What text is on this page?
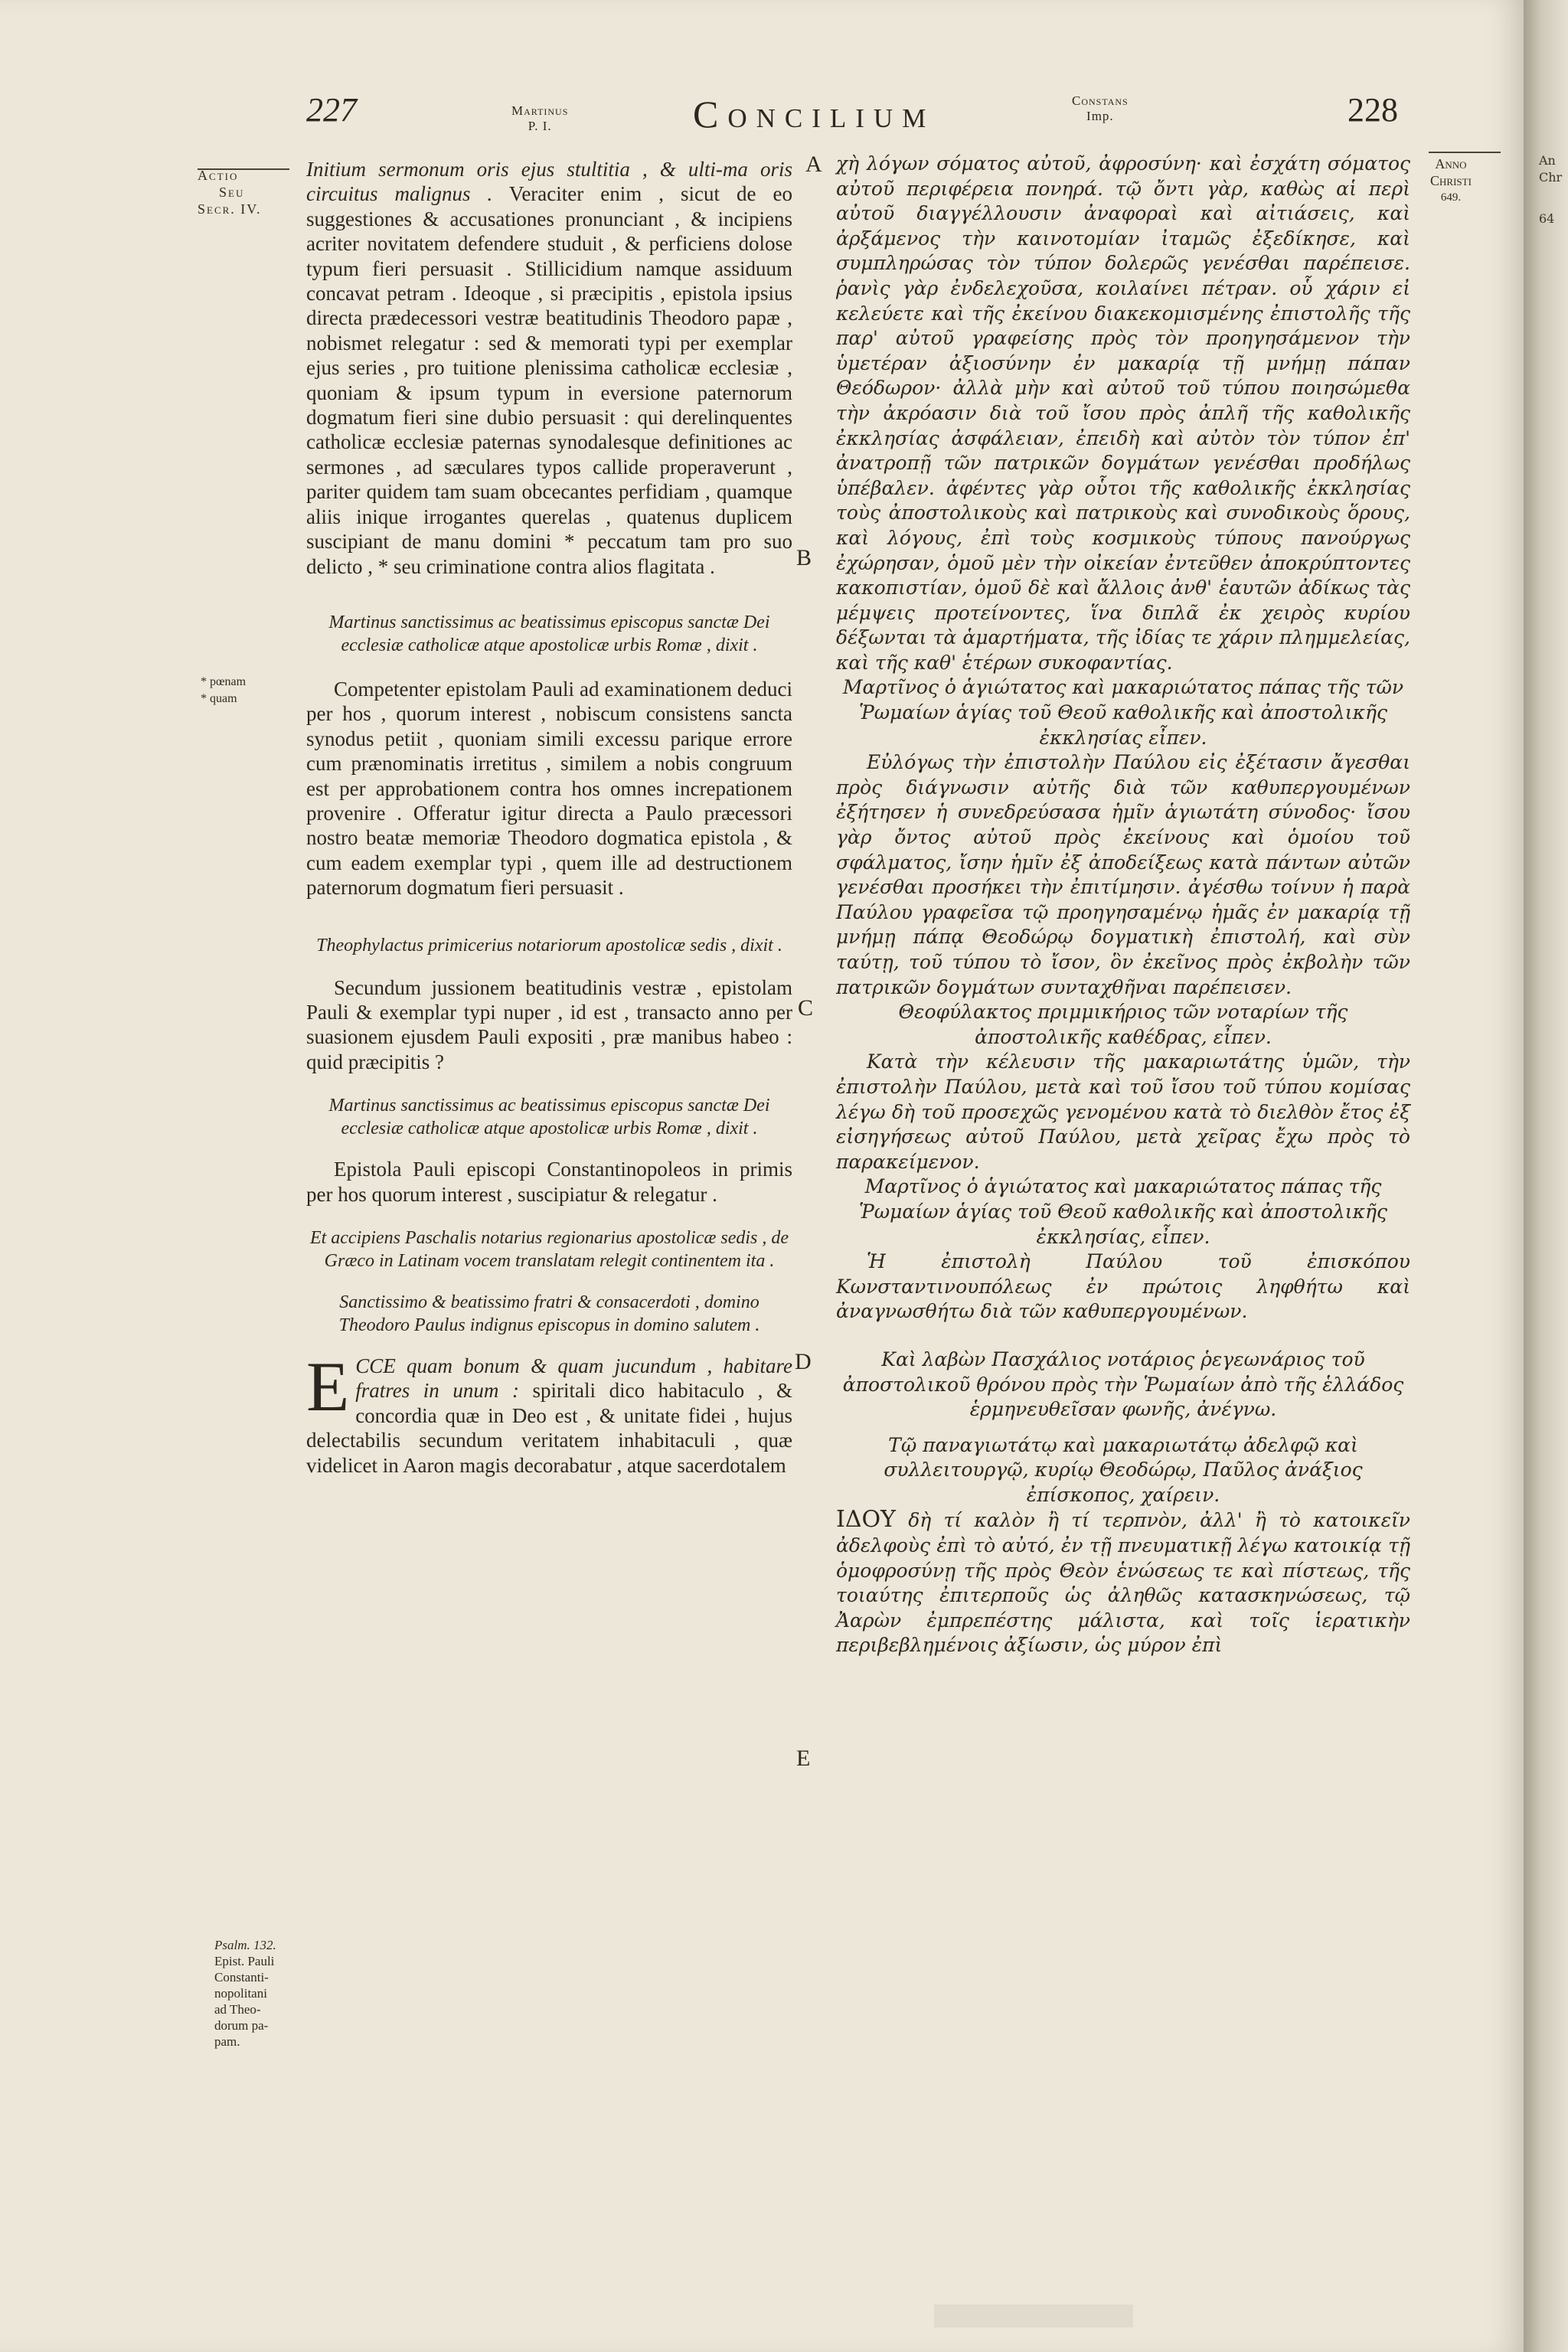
An
Chr
64
227	Martinus
P. I.	Concilium	Constans
Imp.	228
Actio
Seu
Secr. IV.
* pœnam
* quam
Psalm. 132.
Epist. Pauli
Constanti-
nopolitani
ad Theo-
dorum pa-
pam.
Anno
Christi
649.
A
B
C
D
E

Initium sermonum oris ejus stultitia , & ulti-ma oris circuitus malignus . Veraciter enim , sicut de eo suggestiones & accusationes pronunciant , & incipiens acriter novitatem defendere studuit , & perficiens dolose typum fieri persuasit . Stillicidium namque assiduum concavat petram . Ideoque , si præcipitis , epistola ipsius directa prædecessori vestræ beatitudinis Theodoro papæ , nobismet relegatur : sed & memorati typi per exemplar ejus series , pro tuitione plenissima catholicæ ecclesiæ , quoniam & ipsum typum in eversione paternorum dogmatum fieri sine dubio persuasit : qui derelinquentes catholicæ ecclesiæ paternas synodalesque definitiones ac sermones , ad sæculares typos callide properaverunt , pariter quidem tam suam obcecantes perfidiam , quamque aliis inique irrogantes querelas , quatenus duplicem suscipiant de manu domini * peccatum tam pro suo delicto , * seu criminatione contra alios flagitata .

Martinus sanctissimus ac beatissimus episcopus sanctæ Dei ecclesiæ catholicæ atque apostolicæ urbis Romæ , dixit .

Competenter epistolam Pauli ad examinationem deduci per hos , quorum interest , nobiscum consistens sancta synodus petiit , quoniam simili excessu parique errore cum prænominatis irretitus , similem a nobis congruum est per approbationem contra hos omnes increpationem provenire . Offeratur igitur directa a Paulo præcessori nostro beatæ memoriæ Theodoro dogmatica epistola , & cum eadem exemplar typi , quem ille ad destructionem paternorum dogmatum fieri persuasit .

Theophylactus primicerius notariorum apostolicæ sedis , dixit .

Secundum jussionem beatitudinis vestræ , epistolam Pauli & exemplar typi nuper , id est , transacto anno per suasionem ejusdem Pauli expositi , præ manibus habeo : quid præcipitis ?

Martinus sanctissimus ac beatissimus episcopus sanctæ Dei ecclesiæ catholicæ atque apostolicæ urbis Romæ , dixit .

Epistola Pauli episcopi Constantinopoleos in primis per hos quorum interest , suscipiatur & relegatur .

Et accipiens Paschalis notarius regionarius apostolicæ sedis , de Græco in Latinam vocem translatam relegit continentem ita .

Sanctissimo & beatissimo fratri & consacerdoti , domino Theodoro Paulus indignus episcopus in domino salutem .

ECCE quam bonum & quam jucundum , habitare fratres in unum : spiritali dico habitaculo , & concordia quæ in Deo est , & unitate fidei , hujus delectabilis secundum veritatem inhabitaculi , quæ videlicet in Aaron magis decorabatur , atque sacerdotalem

χὴ λόγων σόματος αὐτοῦ, ἀφροσύνη· καὶ ἐσχάτη σόματος αὐτοῦ περιφέρεια πονηρά. τῷ ὄντι γὰρ, καθὼς αἱ περὶ αὐτοῦ διαγγέλλουσιν ἀναφοραὶ καὶ αἰτιάσεις, καὶ ἀρξάμενος τὴν καινοτομίαν ἰταμῶς ἐξεδίκησε, καὶ συμπληρώσας τὸν τύπον δολερῶς γενέσθαι παρέπεισε. ῥανὶς γὰρ ἐνδελεχοῦσα, κοιλαίνει πέτραν. οὗ χάριν εἰ κελεύετε καὶ τῆς ἐκείνου διακεκομισμένης ἐπιστολῆς τῆς παρ' αὐτοῦ γραφείσης πρὸς τὸν προηγησάμενον τὴν ὑμετέραν ἀξιοσύνην ἐν μακαρίᾳ τῇ μνήμῃ πάπαν Θεόδωρον· ἀλλὰ μὴν καὶ αὐτοῦ τοῦ τύπου ποιησώμεθα τὴν ἀκρόασιν διὰ τοῦ ἴσου πρὸς ἀπλῆ τῆς καθολικῆς ἐκκλησίας ἀσφάλειαν, ἐπειδὴ καὶ αὐτὸν τὸν τύπον ἐπ' ἀνατροπῇ τῶν πατρικῶν δογμάτων γενέσθαι προδήλως ὑπέβαλεν. ἀφέντες γὰρ οὗτοι τῆς καθολικῆς ἐκκλησίας τοὺς ἀποστολικοὺς καὶ πατρικοὺς καὶ συνοδικοὺς ὅρους, καὶ λόγους, ἐπὶ τοὺς κοσμικοὺς τύπους πανούργως ἐχώρησαν, ὁμοῦ μὲν τὴν οἰκείαν ἐντεῦθεν ἀποκρύπτοντες κακοπιστίαν, ὁμοῦ δὲ καὶ ἄλλοις ἀνθ' ἑαυτῶν ἀδίκως τὰς μέμψεις προτείνοντες, ἵνα διπλᾶ ἐκ χειρὸς κυρίου δέξωνται τὰ ἁμαρτήματα, τῆς ἰδίας τε χάριν πλημμελείας, καὶ τῆς καθ' ἑτέρων συκοφαντίας.

Μαρτῖνος ὁ ἁγιώτατος καὶ μακαριώτατος πάπας τῆς τῶν Ῥωμαίων ἁγίας τοῦ Θεοῦ καθολικῆς καὶ ἀποστολικῆς ἐκκλησίας εἶπεν.

Εὐλόγως τὴν ἐπιστολὴν Παύλου εἰς ἐξέτασιν ἄγεσθαι πρὸς διάγνωσιν αὐτῆς διὰ τῶν καθυπεργουμένων ἐξήτησεν ἡ συνεδρεύσασα ἡμῖν ἁγιωτάτη σύνοδος· ἴσου γὰρ ὄντος αὐτοῦ πρὸς ἐκείνους καὶ ὁμοίου τοῦ σφάλματος, ἴσην ἡμῖν ἐξ ἀποδείξεως κατὰ πάντων αὐτῶν γενέσθαι προσήκει τὴν ἐπιτίμησιν. ἀγέσθω τοίνυν ἡ παρὰ Παύλου γραφεῖσα τῷ προηγησαμένῳ ἡμᾶς ἐν μακαρίᾳ τῇ μνήμῃ πάπᾳ Θεοδώρῳ δογματικὴ ἐπιστολή, καὶ σὺν ταύτῃ, τοῦ τύπου τὸ ἴσον, ὃν ἐκεῖνος πρὸς ἐκβολὴν τῶν πατρικῶν δογμάτων συνταχθῆναι παρέπεισεν.

Θεοφύλακτος πριμμικήριος τῶν νοταρίων τῆς ἀποστολικῆς καθέδρας, εἶπεν.

Κατὰ τὴν κέλευσιν τῆς μακαριωτάτης ὑμῶν, τὴν ἐπιστολὴν Παύλου, μετὰ καὶ τοῦ ἴσου τοῦ τύπου κομίσας λέγω δὴ τοῦ προσεχῶς γενομένου κατὰ τὸ διελθὸν ἔτος ἐξ εἰσηγήσεως αὐτοῦ Παύλου, μετὰ χεῖρας ἔχω πρὸς τὸ παρακείμενον.

Μαρτῖνος ὁ ἁγιώτατος καὶ μακαριώτατος πάπας τῆς Ῥωμαίων ἁγίας τοῦ Θεοῦ καθολικῆς καὶ ἀποστολικῆς ἐκκλησίας, εἶπεν.

Ἡ ἐπιστολὴ Παύλου τοῦ ἐπισκόπου Κωνσταντινουπόλεως ἐν πρώτοις ληφθήτω καὶ ἀναγνωσθήτω διὰ τῶν καθυπεργουμένων.

Καὶ λαβὼν Πασχάλιος νοτάριος ῥεγεωνάριος τοῦ ἀποστολικοῦ θρόνου πρὸς τὴν Ῥωμαίων ἀπὸ τῆς ἑλλάδος ἑρμηνευθεῖσαν φωνῆς, ἀνέγνω.

Τῷ παναγιωτάτῳ καὶ μακαριωτάτῳ ἀδελφῷ καὶ συλλειτουργῷ, κυρίῳ Θεοδώρῳ, Παῦλος ἀνάξιος ἐπίσκοπος, χαίρειν.

ΙΔΟΥ δὴ τί καλὸν ἢ τί τερπνὸν, ἀλλ' ἢ τὸ κατοικεῖν ἀδελφοὺς ἐπὶ τὸ αὐτό, ἐν τῇ πνευματικῇ λέγω κατοικίᾳ τῇ ὁμοφροσύνῃ τῆς πρὸς Θεὸν ἑνώσεως τε καὶ πίστεως, τῆς τοιαύτης ἐπιτερποῦς ὡς ἀληθῶς κατασκηνώσεως, τῷ Ἀαρὼν ἐμπρεπέστης μάλιστα, καὶ τοῖς ἱερατικὴν περιβεβλημένοις ἀξίωσιν, ὡς μύρον ἐπὶ
